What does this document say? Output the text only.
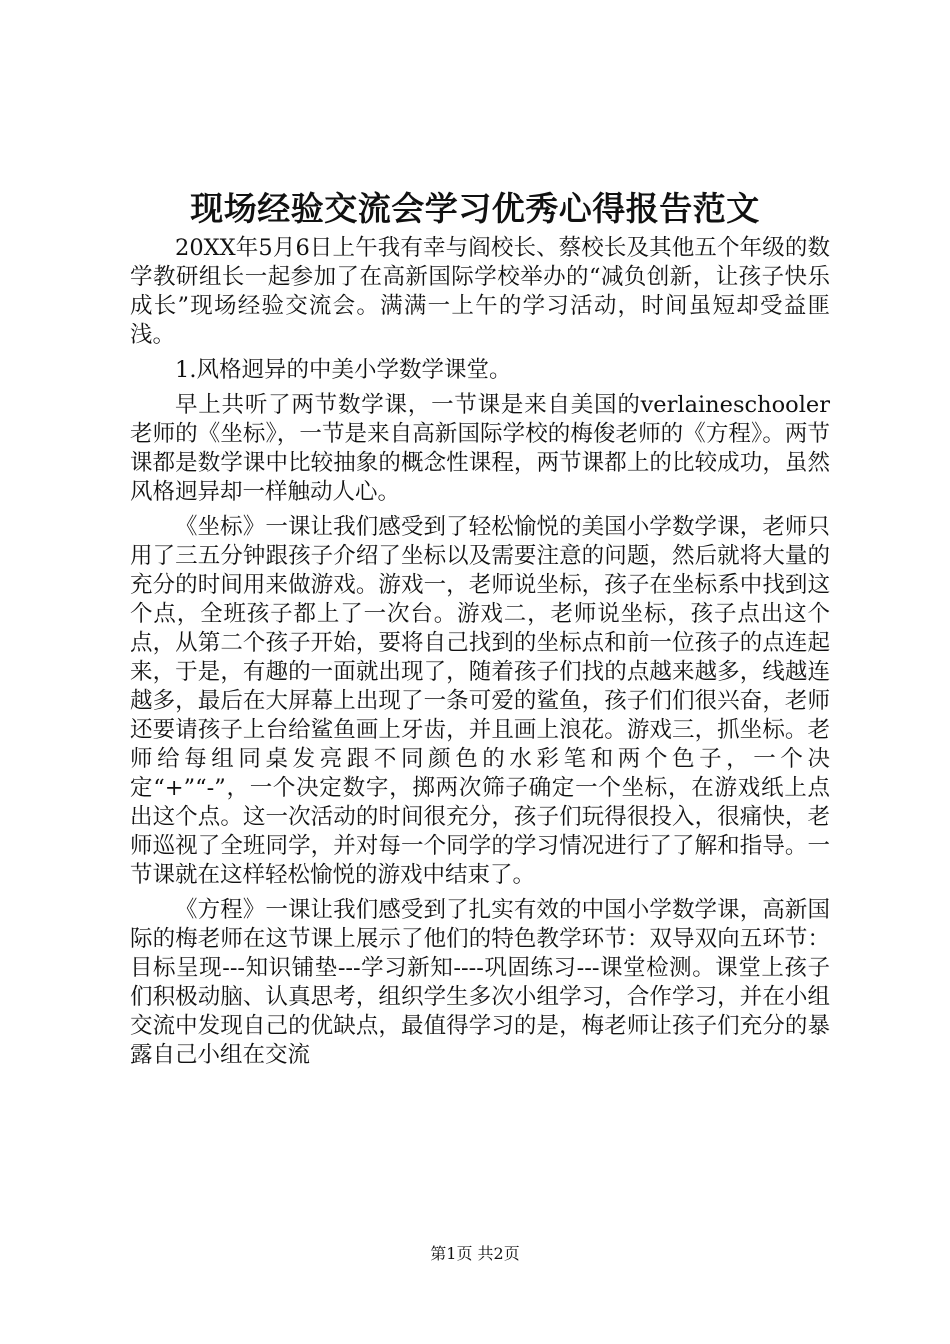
现场经验交流会学习优秀心得报告范文

20XX年5月6日上午我有幸与阎校长、蔡校长及其他五个年级的数学教研组长一起参加了在高新国际学校举办的“减负创新，让孩子快乐成长”现场经验交流会。满满一上午的学习活动，时间虽短却受益匪浅。

1.风格迥异的中美小学数学课堂。

早上共听了两节数学课，一节课是来自美国的verlaineschooler老师的《坐标》，一节是来自高新国际学校的梅俊老师的《方程》。两节课都是数学课中比较抽象的概念性课程，两节课都上的比较成功，虽然风格迥异却一样触动人心。

《坐标》一课让我们感受到了轻松愉悦的美国小学数学课，老师只用了三五分钟跟孩子介绍了坐标以及需要注意的问题，然后就将大量的充分的时间用来做游戏。游戏一，老师说坐标，孩子在坐标系中找到这个点，全班孩子都上了一次台。游戏二，老师说坐标，孩子点出这个点，从第二个孩子开始，要将自己找到的坐标点和前一位孩子的点连起来，于是，有趣的一面就出现了，随着孩子们找的点越来越多，线越连越多，最后在大屏幕上出现了一条可爱的鲨鱼，孩子们们很兴奋，老师还要请孩子上台给鲨鱼画上牙齿，并且画上浪花。游戏三，抓坐标。老师给每组同桌发亮跟不同颜色的水彩笔和两个色子，一个决定“+”“-”，一个决定数字，掷两次筛子确定一个坐标，在游戏纸上点出这个点。这一次活动的时间很充分，孩子们玩得很投入，很痛快，老师巡视了全班同学，并对每一个同学的学习情况进行了了解和指导。一节课就在这样轻松愉悦的游戏中结束了。

《方程》一课让我们感受到了扎实有效的中国小学数学课，高新国际的梅老师在这节课上展示了他们的特色教学环节：双导双向五环节：目标呈现---知识铺垫---学习新知----巩固练习---课堂检测。课堂上孩子们积极动脑、认真思考，组织学生多次小组学习，合作学习，并在小组交流中发现自己的优缺点，最值得学习的是，梅老师让孩子们充分的暴露自己小组在交流

第1页 共2页
